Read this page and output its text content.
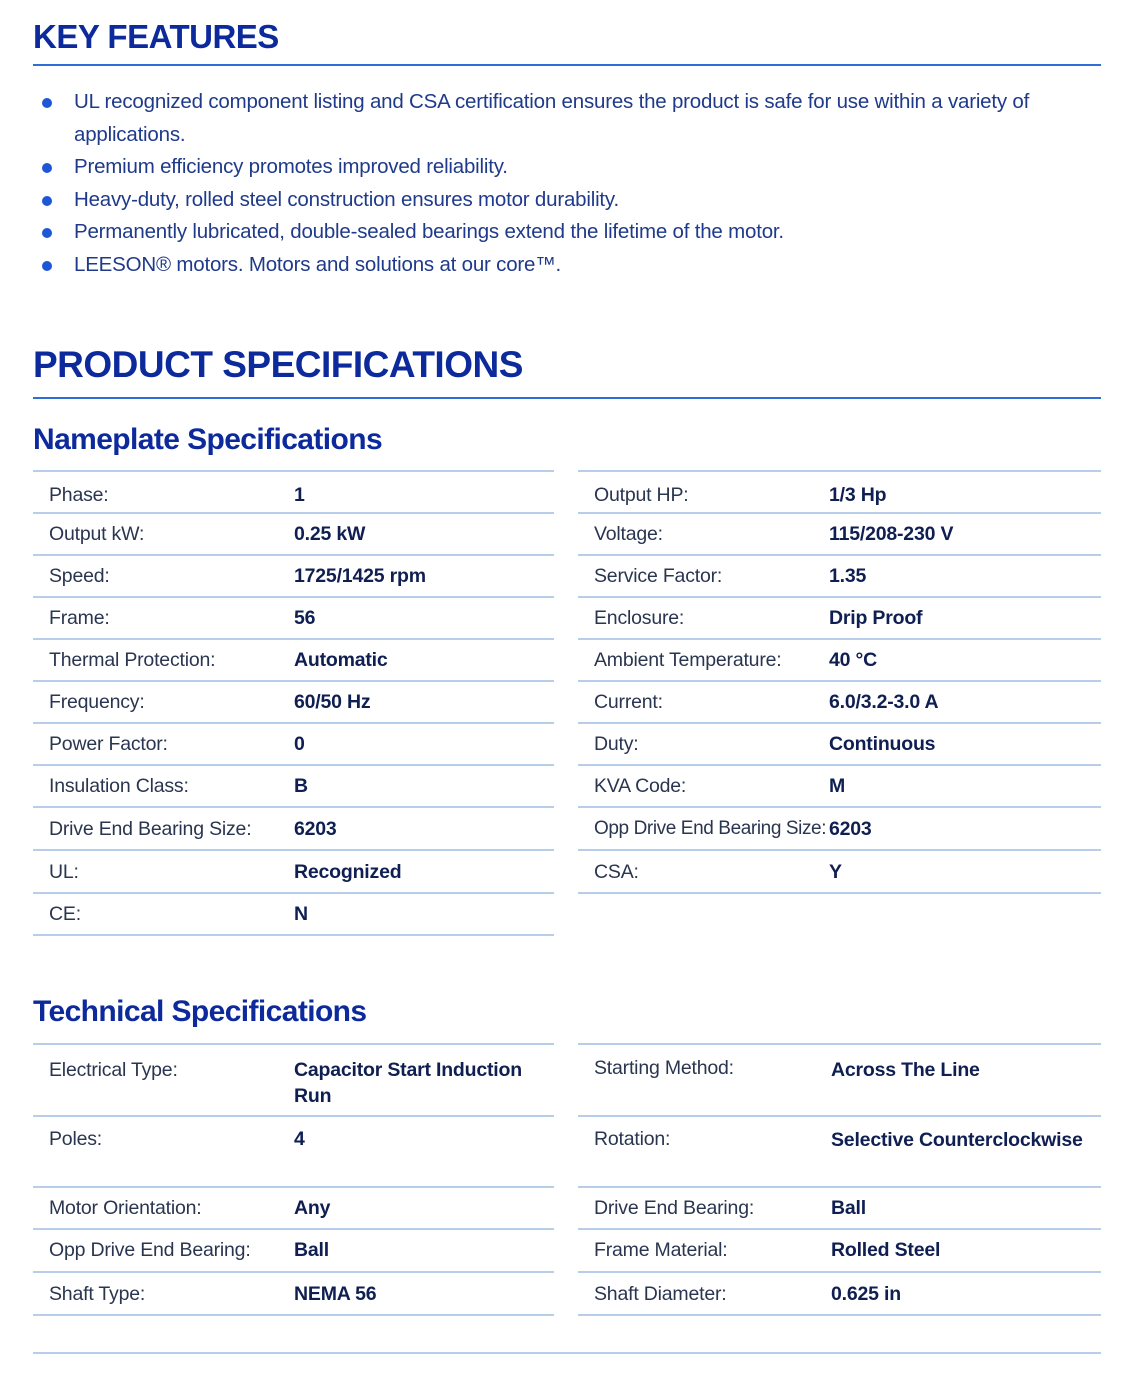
KEY FEATURES
UL recognized component listing and CSA certification ensures the product is safe for use within a variety of applications.
Premium efficiency promotes improved reliability.
Heavy-duty, rolled steel construction ensures motor durability.
Permanently lubricated, double-sealed bearings extend the lifetime of the motor.
LEESON® motors. Motors and solutions at our core™.
PRODUCT SPECIFICATIONS
Nameplate Specifications
Phase:	1
Output kW:	0.25 kW
Speed:	1725/1425 rpm
Frame:	56
Thermal Protection:	Automatic
Frequency:	60/50 Hz
Power Factor:	0
Insulation Class:	B
Drive End Bearing Size:	6203
UL:	Recognized
CE:	N
Output HP:	1/3 Hp
Voltage:	115/208-230 V
Service Factor:	1.35
Enclosure:	Drip Proof
Ambient Temperature:	40 °C
Current:	6.0/3.2-3.0 A
Duty:	Continuous
KVA Code:	M
Opp Drive End Bearing Size:	6203
CSA:	Y
Technical Specifications
Electrical Type:	Capacitor Start Induction Run
Poles:	4
Motor Orientation:	Any
Opp Drive End Bearing:	Ball
Shaft Type:	NEMA 56
Starting Method:	Across The Line
Rotation:	Selective Counterclockwise
Drive End Bearing:	Ball
Frame Material:	Rolled Steel
Shaft Diameter:	0.625 in
